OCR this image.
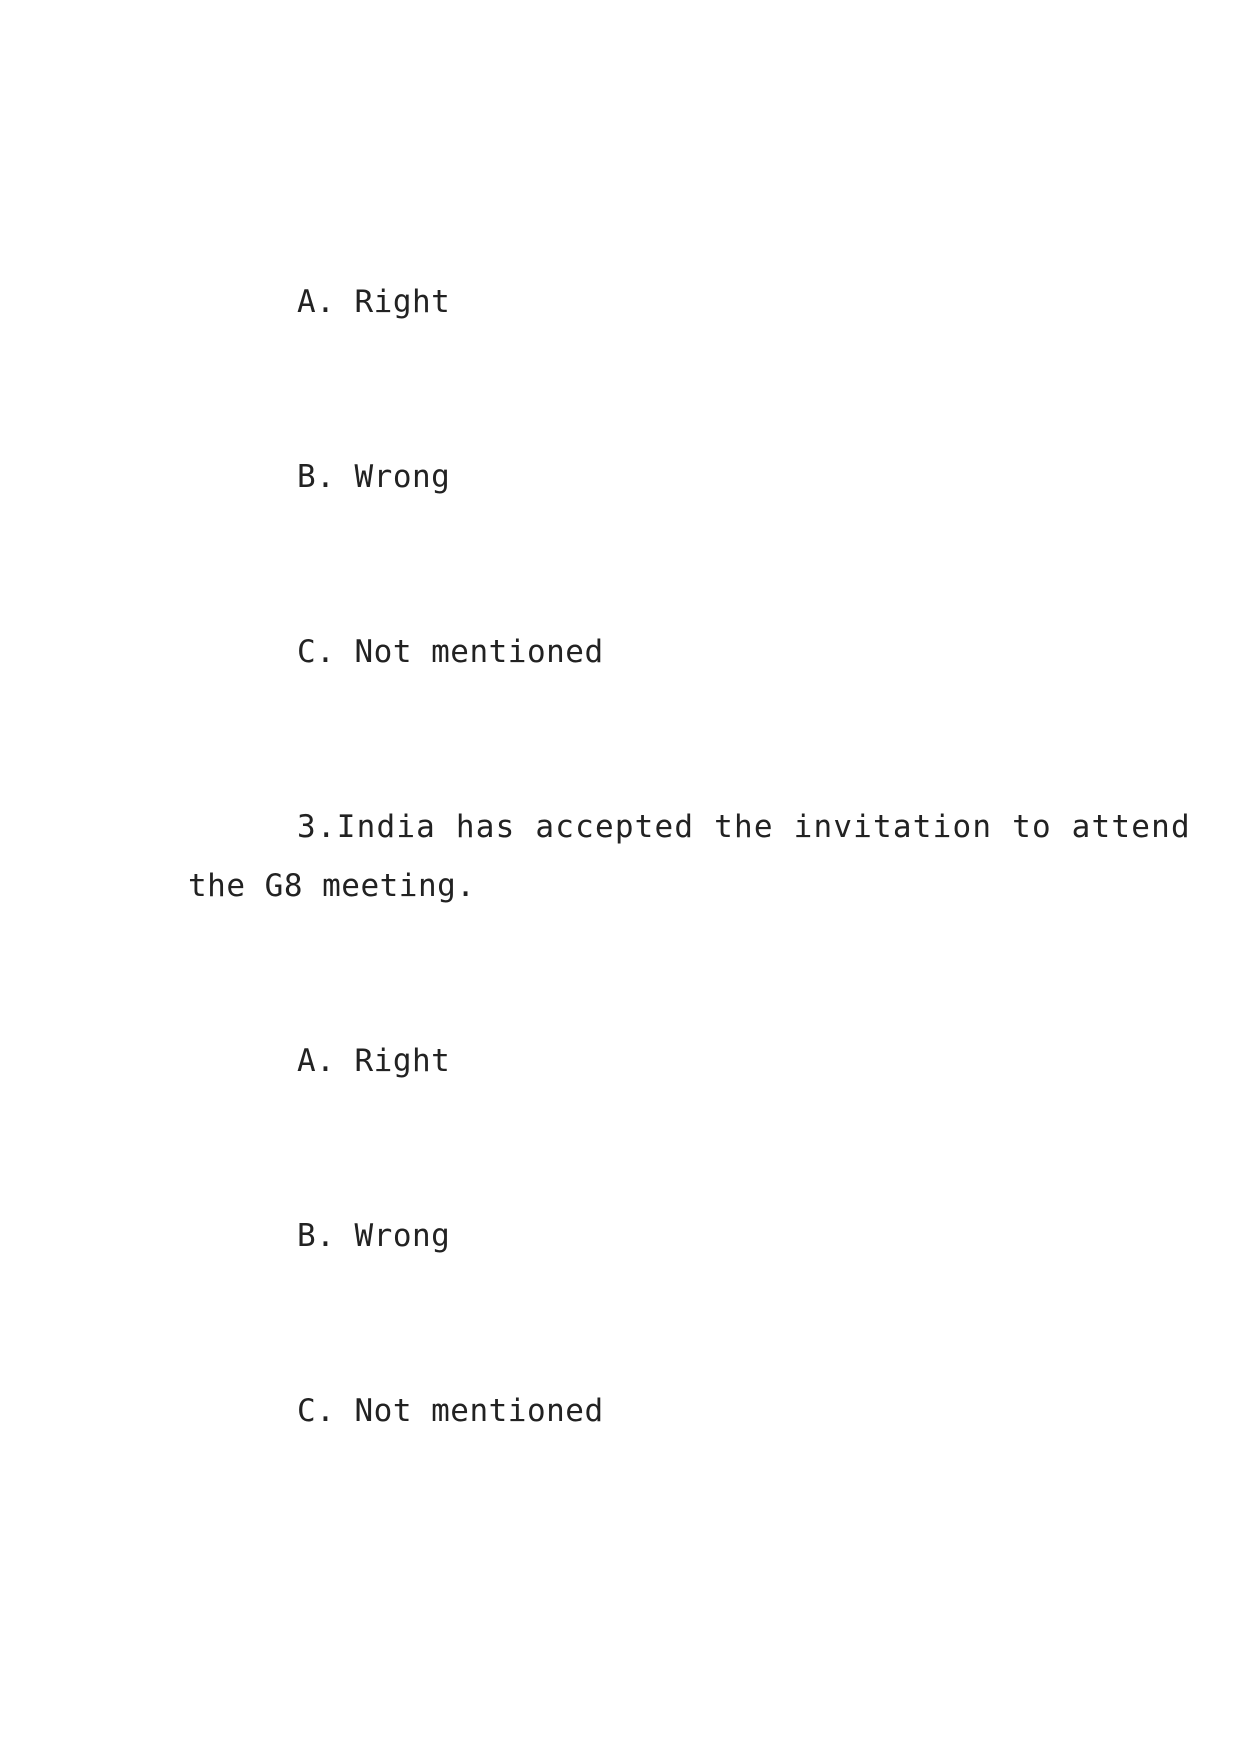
A. Right
B. Wrong
C. Not mentioned
3.India has accepted the invitation to attend
the G8 meeting.
A. Right
B. Wrong
C. Not mentioned
